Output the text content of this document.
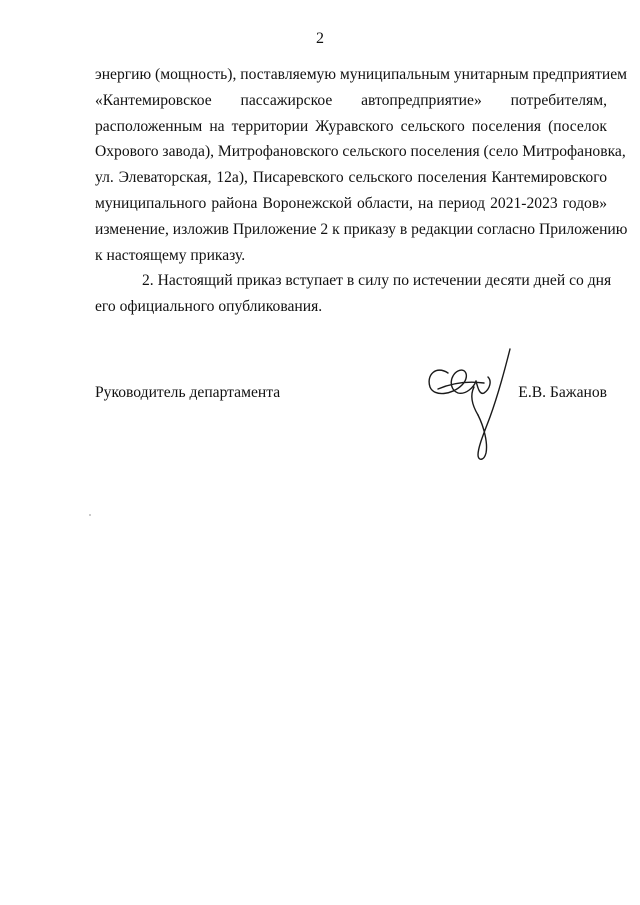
2
энергию (мощность), поставляемую муниципальным унитарным предприятием
«Кантемировское пассажирское автопредприятие» потребителям,
расположенным на территории Журавского сельского поселения (поселок
Охрового завода), Митрофановского сельского поселения (село Митрофановка,
ул. Элеваторская, 12а), Писаревского сельского поселения Кантемировского
муниципального района Воронежской области, на период 2021-2023 годов»
изменение, изложив Приложение 2 к приказу в редакции согласно Приложению
к настоящему приказу.
2. Настоящий приказ вступает в силу по истечении десяти дней со дня
его официального опубликования.
Руководитель департамента	Е.В. Бажанов
